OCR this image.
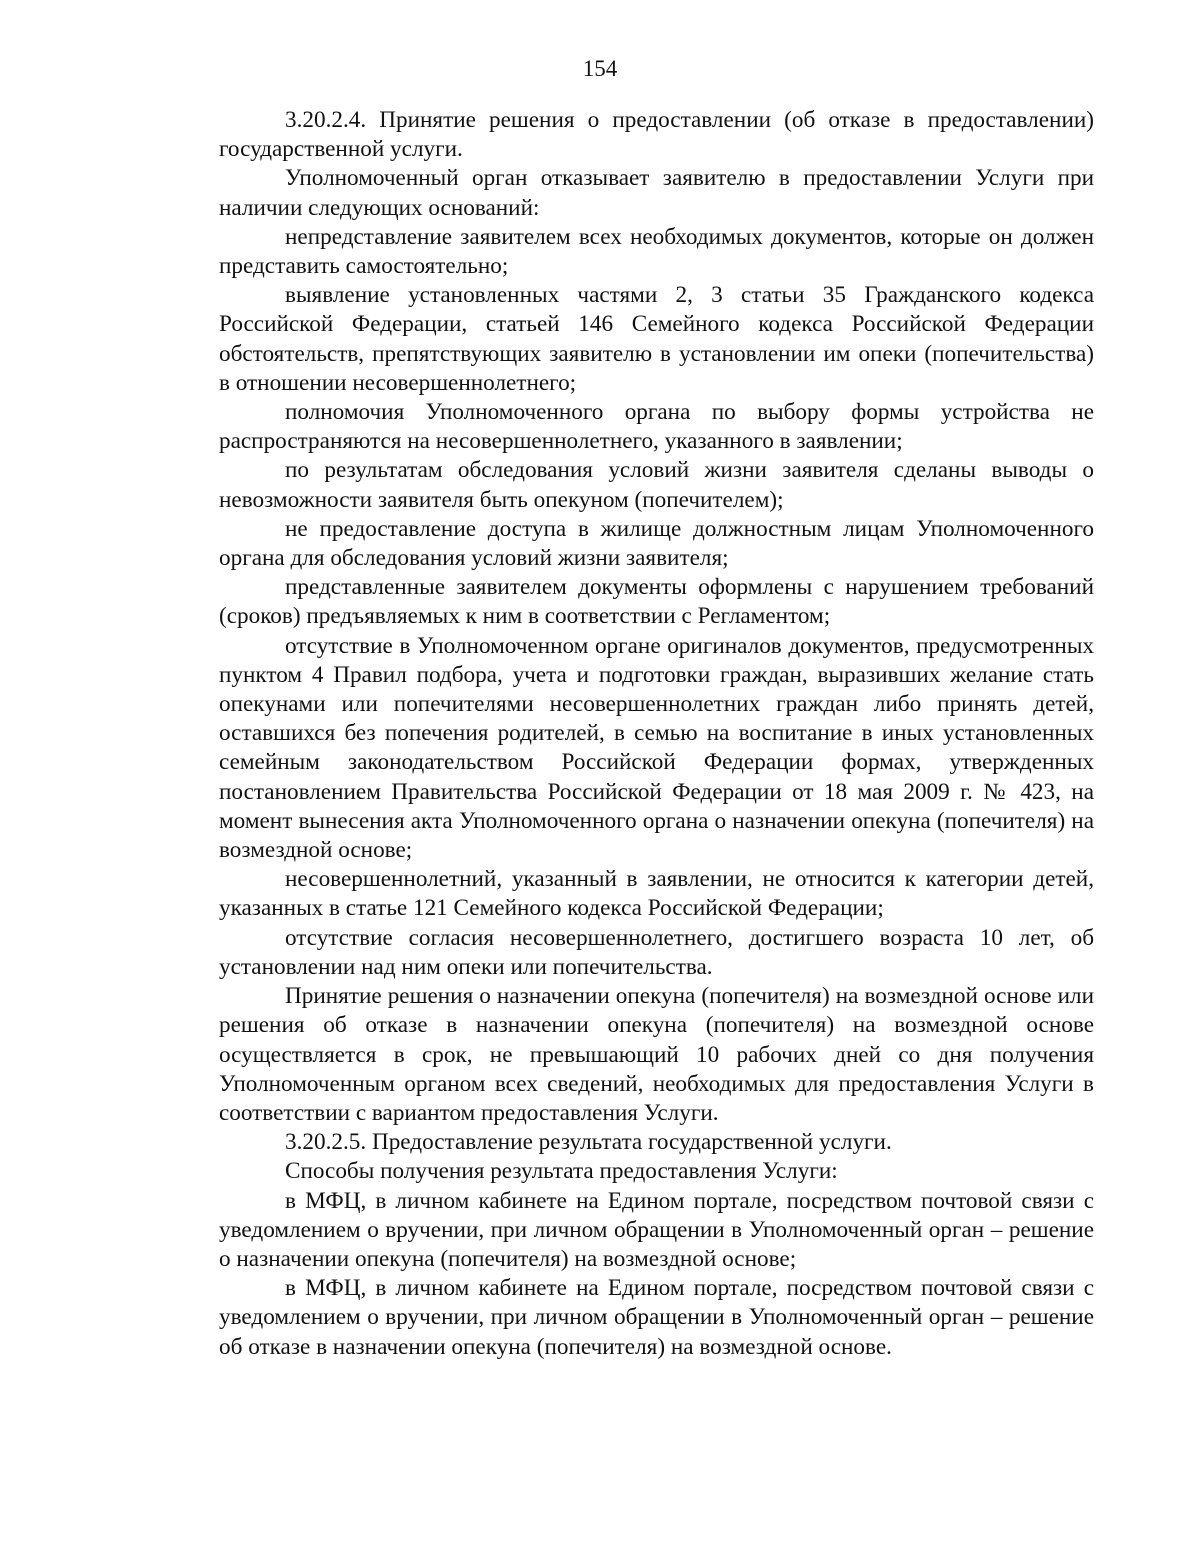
154

3.20.2.4. Принятие решения о предоставлении (об отказе в предоставлении) государственной услуги.

Уполномоченный орган отказывает заявителю в предоставлении Услуги при наличии следующих оснований:

непредставление заявителем всех необходимых документов, которые он должен представить самостоятельно;

выявление установленных частями 2, 3 статьи 35 Гражданского кодекса Российской Федерации, статьей 146 Семейного кодекса Российской Федерации обстоятельств, препятствующих заявителю в установлении им опеки (попечительства) в отношении несовершеннолетнего;

полномочия Уполномоченного органа по выбору формы устройства не распространяются на несовершеннолетнего, указанного в заявлении;

по результатам обследования условий жизни заявителя сделаны выводы о невозможности заявителя быть опекуном (попечителем);

не предоставление доступа в жилище должностным лицам Уполномоченного органа для обследования условий жизни заявителя;

представленные заявителем документы оформлены с нарушением требований (сроков) предъявляемых к ним в соответствии с Регламентом;

отсутствие в Уполномоченном органе оригиналов документов, предусмотренных пунктом 4 Правил подбора, учета и подготовки граждан, выразивших желание стать опекунами или попечителями несовершеннолетних граждан либо принять детей, оставшихся без попечения родителей, в семью на воспитание в иных установленных семейным законодательством Российской Федерации формах, утвержденных постановлением Правительства Российской Федерации от 18 мая 2009 г. № 423, на момент вынесения акта Уполномоченного органа о назначении опекуна (попечителя) на возмездной основе;

несовершеннолетний, указанный в заявлении, не относится к категории детей, указанных в статье 121 Семейного кодекса Российской Федерации;

отсутствие согласия несовершеннолетнего, достигшего возраста 10 лет, об установлении над ним опеки или попечительства.

Принятие решения о назначении опекуна (попечителя) на возмездной основе или решения об отказе в назначении опекуна (попечителя) на возмездной основе осуществляется в срок, не превышающий 10 рабочих дней со дня получения Уполномоченным органом всех сведений, необходимых для предоставления Услуги в соответствии с вариантом предоставления Услуги.

3.20.2.5. Предоставление результата государственной услуги.

Способы получения результата предоставления Услуги:

в МФЦ, в личном кабинете на Едином портале, посредством почтовой связи с уведомлением о вручении, при личном обращении в Уполномоченный орган – решение о назначении опекуна (попечителя) на возмездной основе;

в МФЦ, в личном кабинете на Едином портале, посредством почтовой связи с уведомлением о вручении, при личном обращении в Уполномоченный орган – решение об отказе в назначении опекуна (попечителя) на возмездной основе.
